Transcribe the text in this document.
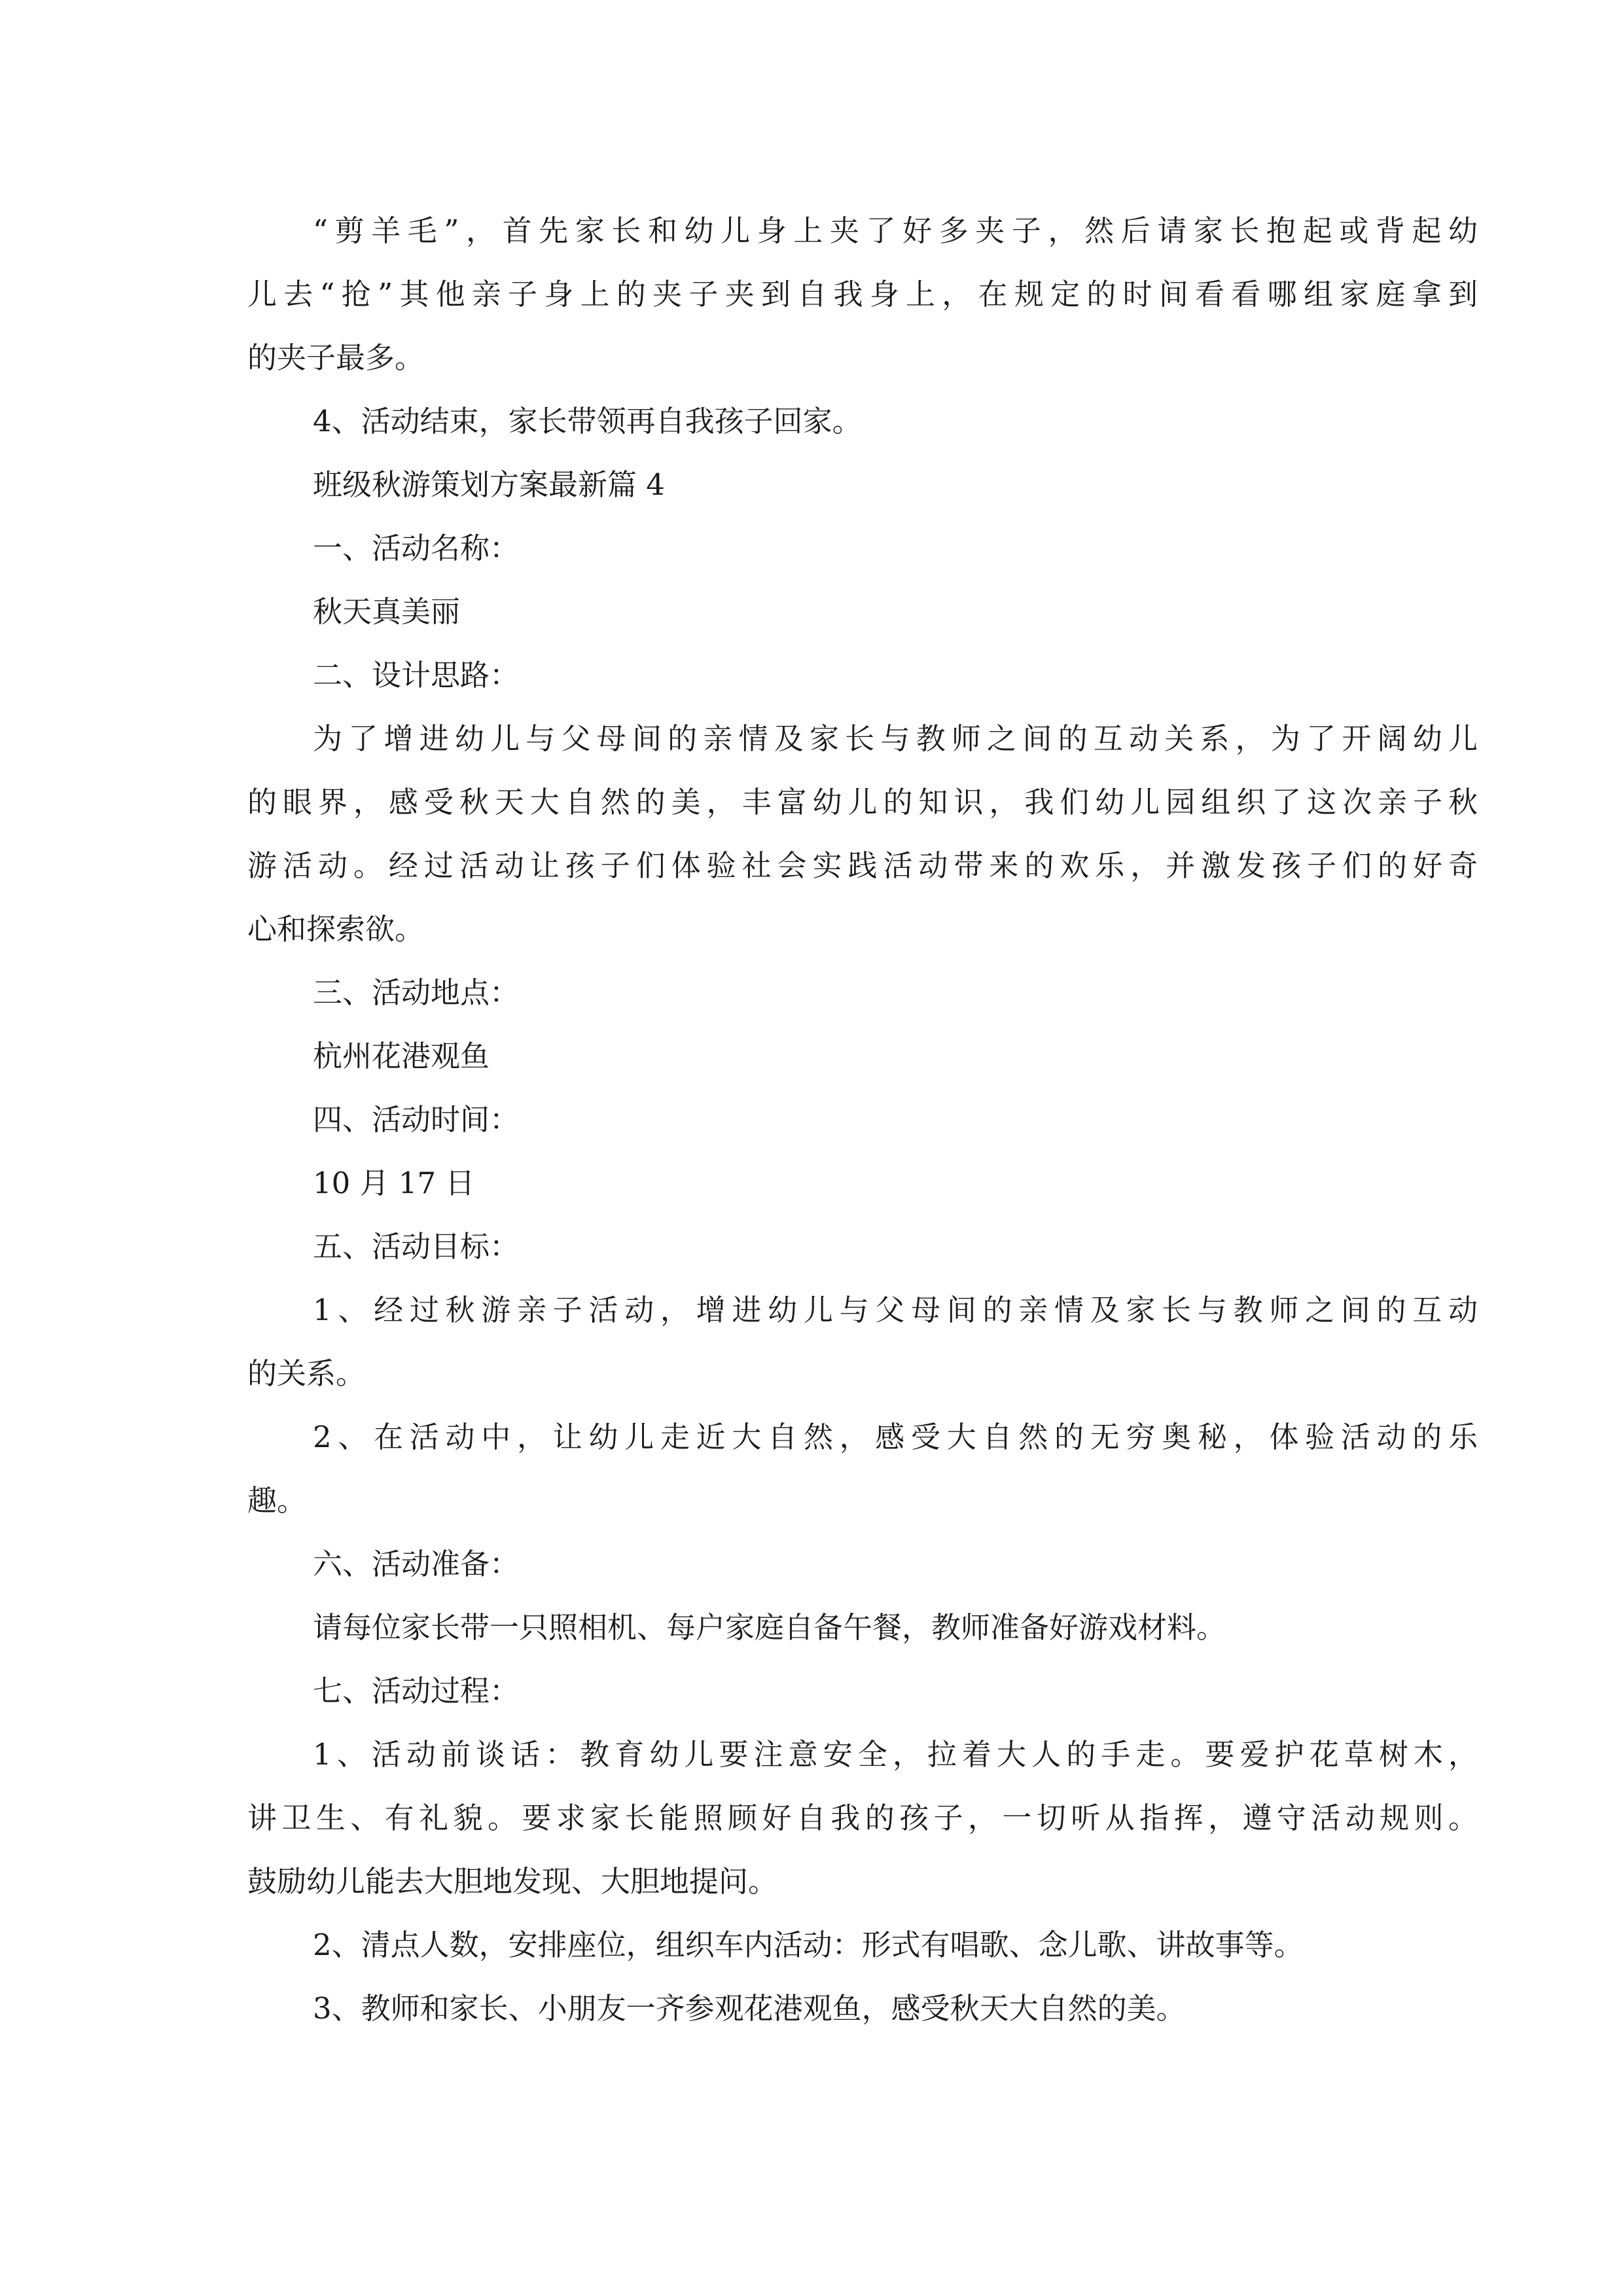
“剪羊毛”，首先家长和幼儿身上夹了好多夹子，然后请家长抱起或背起幼
儿去“抢”其他亲子身上的夹子夹到自我身上，在规定的时间看看哪组家庭拿到
的夹子最多。
4、活动结束，家长带领再自我孩子回家。
班级秋游策划方案最新篇 4
一、活动名称：
秋天真美丽
二、设计思路：
为了增进幼儿与父母间的亲情及家长与教师之间的互动关系，为了开阔幼儿
的眼界，感受秋天大自然的美，丰富幼儿的知识，我们幼儿园组织了这次亲子秋
游活动。经过活动让孩子们体验社会实践活动带来的欢乐，并激发孩子们的好奇
心和探索欲。
三、活动地点：
杭州花港观鱼
四、活动时间：
10 月 17 日
五、活动目标：
1、经过秋游亲子活动，增进幼儿与父母间的亲情及家长与教师之间的互动
的关系。
2、在活动中，让幼儿走近大自然，感受大自然的无穷奥秘，体验活动的乐
趣。
六、活动准备：
请每位家长带一只照相机、每户家庭自备午餐，教师准备好游戏材料。
七、活动过程：
1、活动前谈话：教育幼儿要注意安全，拉着大人的手走。要爱护花草树木，
讲卫生、有礼貌。要求家长能照顾好自我的孩子，一切听从指挥，遵守活动规则。
鼓励幼儿能去大胆地发现、大胆地提问。
2、清点人数，安排座位，组织车内活动：形式有唱歌、念儿歌、讲故事等。
3、教师和家长、小朋友一齐参观花港观鱼，感受秋天大自然的美。
